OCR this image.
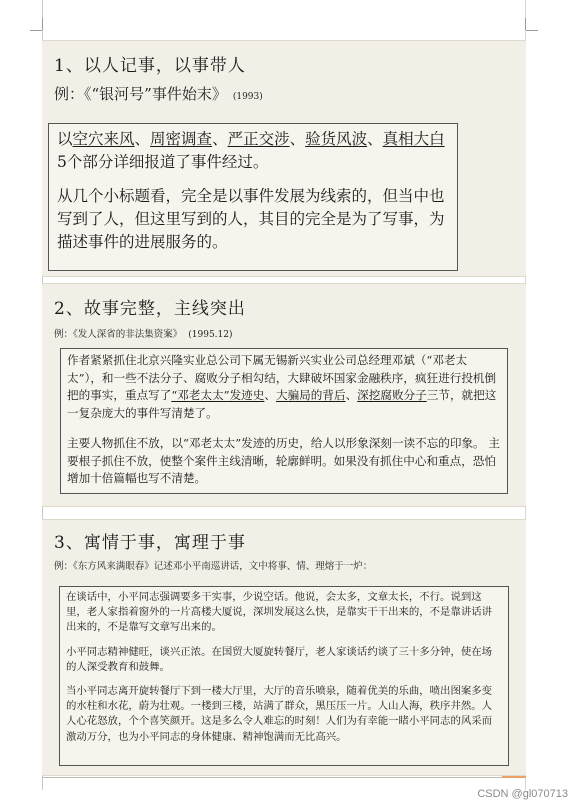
1、以人记事，以事带人
例：《“银河号”事件始末》 (1993)

以空穴来风、周密调查、严正交涉、验货风波、真相大白5个部分详细报道了事件经过。

从几个小标题看，完全是以事件发展为线索的，但当中也写到了人，但这里写到的人，其目的完全是为了写事，为描述事件的进展服务的。

2、故事完整，主线突出
例：《发人深省的非法集资案》 (1995.12)

作者紧紧抓住北京兴隆实业总公司下属无锡新兴实业公司总经理邓斌（“邓老太太”），和一些不法分子、腐败分子相勾结，大肆破坏国家金融秩序，疯狂进行投机倒把的事实，重点写了“邓老太太”发迹史、大骗局的背后、深挖腐败分子三节，就把这一复杂庞大的事件写清楚了。

主要人物抓住不放，以“邓老太太”发迹的历史，给人以形象深刻一读不忘的印象。 主要根子抓住不放，使整个案件主线清晰，轮廓鲜明。如果没有抓住中心和重点，恐怕增加十倍篇幅也写不清楚。

3、寓情于事，寓理于事
例：《东方风来满眼春》记述邓小平南巡讲话，文中将事、情、理熔于一炉：

在谈话中，小平同志强调要多干实事，少说空话。他说，会太多，文章太长，不行。说到这里，老人家指着窗外的一片高楼大厦说，深圳发展这么快，是靠实干干出来的，不是靠讲话讲出来的，不是靠写文章写出来的。

小平同志精神健旺，谈兴正浓。在国贸大厦旋转餐厅，老人家谈话约谈了三十多分钟，使在场的人深受教育和鼓舞。

当小平同志离开旋转餐厅下到一楼大厅里，大厅的音乐喷泉，随着优美的乐曲，喷出图案多变的水柱和水花，蔚为壮观。一楼到三楼，站满了群众，黑压压一片。人山人海，秩序井然。人人心花怒放，个个喜笑颜开。这是多么令人难忘的时刻！人们为有幸能一睹小平同志的风采而激动万分，也为小平同志的身体健康、精神饱满而无比高兴。

CSDN @gl070713
